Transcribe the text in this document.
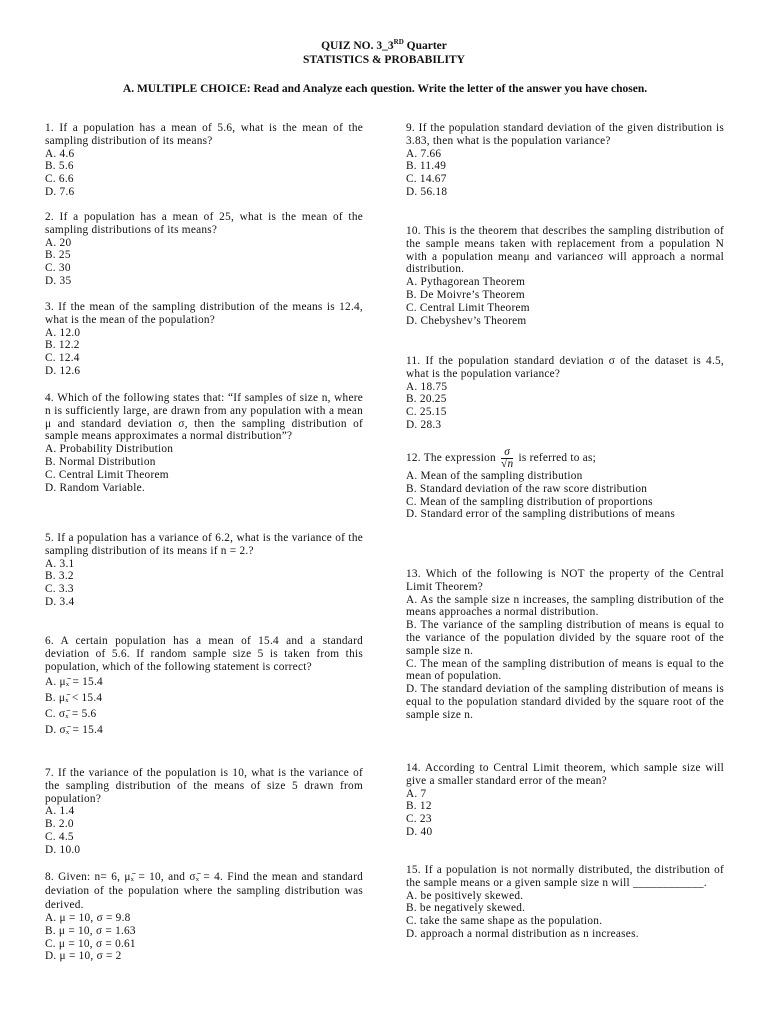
QUIZ NO. 3_3RD Quarter
STATISTICS & PROBABILITY
A. MULTIPLE CHOICE: Read and Analyze each question. Write the letter of the answer you have chosen.
1. If a population has a mean of 5.6, what is the mean of the sampling distribution of its means?
A. 4.6
B. 5.6
C. 6.6
D. 7.6
2. If a population has a mean of 25, what is the mean of the sampling distributions of its means?
A. 20
B. 25
C. 30
D. 35
3. If the mean of the sampling distribution of the means is 12.4, what is the mean of the population?
A. 12.0
B. 12.2
C. 12.4
D. 12.6
4. Which of the following states that: “If samples of size n, where n is sufficiently large, are drawn from any population with a mean μ and standard deviation σ, then the sampling distribution of sample means approximates a normal distribution”?
A. Probability Distribution
B. Normal Distribution
C. Central Limit Theorem
D. Random Variable.
5. If a population has a variance of 6.2, what is the variance of the sampling distribution of its means if n = 2.?
A. 3.1
B. 3.2
C. 3.3
D. 3.4
6. A certain population has a mean of 15.4 and a standard deviation of 5.6. If random sample size 5 is taken from this population, which of the following statement is correct?
A. μₓ̄ = 15.4
B. μₓ̄ < 15.4
C. σₓ̄ = 5.6
D. σₓ̄ = 15.4
7. If the variance of the population is 10, what is the variance of the sampling distribution of the means of size 5 drawn from population?
A. 1.4
B. 2.0
C. 4.5
D. 10.0
8. Given: n= 6, μₓ̄ = 10, and σₓ̄ = 4. Find the mean and standard deviation of the population where the sampling distribution was derived.
A. μ = 10, σ = 9.8
B. μ = 10, σ = 1.63
C. μ = 10, σ = 0.61
D. μ = 10, σ = 2
9. If the population standard deviation of the given distribution is 3.83, then what is the population variance?
A. 7.66
B. 11.49
C. 14.67
D. 56.18
10. This is the theorem that describes the sampling distribution of the sample means taken with replacement from a population N with a population meanμ and varianceσ will approach a normal distribution.
A. Pythagorean Theorem
B. De Moivre’s Theorem
C. Central Limit Theorem
D. Chebyshev’s Theorem
11. If the population standard deviation σ of the dataset is 4.5, what is the population variance?
A. 18.75
B. 20.25
C. 25.15
D. 28.3
12. The expression $\frac{\sigma}{√n}$ is referred to as;
A. Mean of the sampling distribution
B. Standard deviation of the raw score distribution
C. Mean of the sampling distribution of proportions
D. Standard error of the sampling distributions of means
13. Which of the following is NOT the property of the Central Limit Theorem?
A. As the sample size n increases, the sampling distribution of the means approaches a normal distribution.
B. The variance of the sampling distribution of means is equal to the variance of the population divided by the square root of the sample size n.
C. The mean of the sampling distribution of means is equal to the mean of population.
D. The standard deviation of the sampling distribution of means is equal to the population standard divided by the square root of the sample size n.
14. According to Central Limit theorem, which sample size will give a smaller standard error of the mean?
A. 7
B. 12
C. 23
D. 40
15. If a population is not normally distributed, the distribution of the sample means or a given sample size n will ____________.
A. be positively skewed.
B. be negatively skewed.
C. take the same shape as the population.
D. approach a normal distribution as n increases.
